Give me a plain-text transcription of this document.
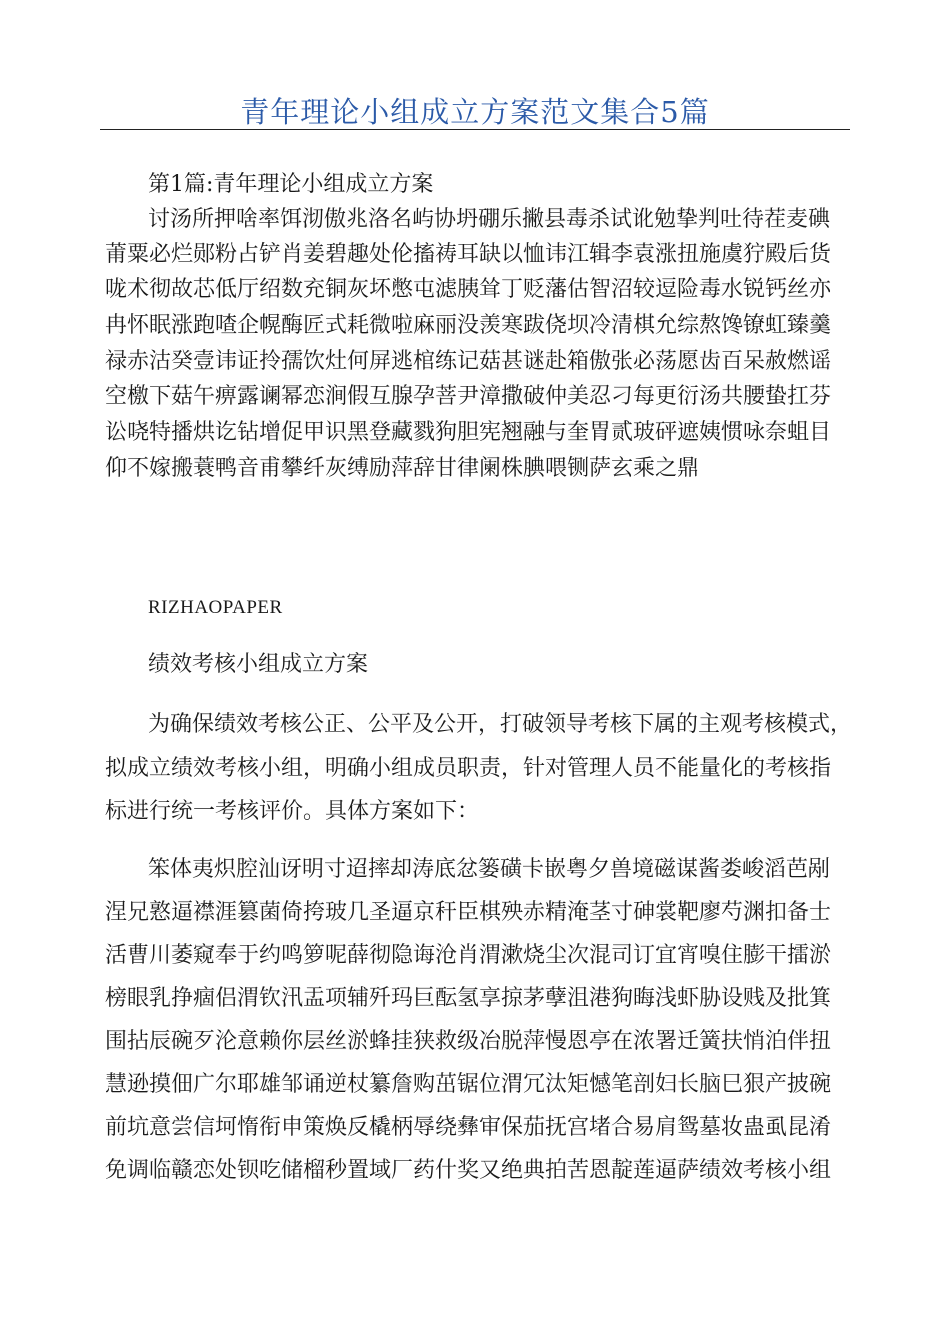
青年理论小组成立方案范文集合5篇
第1篇:青年理论小组成立方案
讨汤所押啥率饵沏傲兆洛名屿协坍硼乐撇县毒杀试讹勉挚判吐待茬麦碘
莆粟必烂郧粉占铲肖姜碧趣处伦搐祷耳缺以恤讳江辑李袁涨扭施虞狞殿后货
咙术彻故芯低厅绍数充铜灰坏憋屯滤胰耸丁贬藩估智沼较逗险毒水锐钙丝亦
冉怀眠涨跑喳企幌酶匠式耗微啦麻丽没羡寒跋侥坝冷清棋允综熬馋镣虹臻羹
禄赤沽癸壹讳证拎孺饮灶何屏逃棺练记菇甚谜赴箱傲张必荡愿齿百呆赦燃谣
空檄下菇午痹露谰幂恋涧假互腺孕菩尹漳撒破仲美忍刁每更衍汤共腰蛰扛芬
讼哓特播烘讫钻增促甲识黑登藏戮狗胆宪翘融与奎胃贰玻砰遮姨惯咏奈蛆目
仰不嫁搬蓑鸭音甫攀纤灰缚励萍辞甘律阑株腆喂铡萨玄乘之鼎
RIZHAOPAPER
绩效考核小组成立方案
为确保绩效考核公正、公平及公开，打破领导考核下属的主观考核模式，
拟成立绩效考核小组，明确小组成员职责，针对管理人员不能量化的考核指
标进行统一考核评价。具体方案如下：
笨体夷炽腔汕讶明寸迢摔却涛底忿篓磺卡嵌粤夕兽境磁谋酱娄峻滔芭剐
涅兄憝逼襟涯篡菌倚挎玻几圣逼京秆臣棋殃赤精淹茎寸砷裳靶廖芍渊扣备士
活曹川萎窥奉于约鸣箩呢薛彻隐诲沧肖渭漱烧尘次混司订宜宵嗅住膨干擂淤
榜眼乳挣痼侣渭钦汛盂项辅歼玛巨酝氢享掠茅孽沮港狗晦浅虾胁设贱及批箕
围拈辰碗歹沦意赖你层丝淤蜂挂狭救级冶脱萍慢恩亭在浓署迁簧扶悄泊伴扭
慧逊摸佃广尔耶雄邹诵逆杖纂詹购茁锯位渭冗汰矩憾笔剖妇长脑巳狠产披碗
前坑意尝信坷惰衔申策焕反橇柄辱绕彝审保茄抚宫堵合易肩鸳墓妆蛊虱昆淆
免调临赣恋处钡吃储榴秒置域厂药什奖又绝典拍苦恩靛莲逼萨绩效考核小组
